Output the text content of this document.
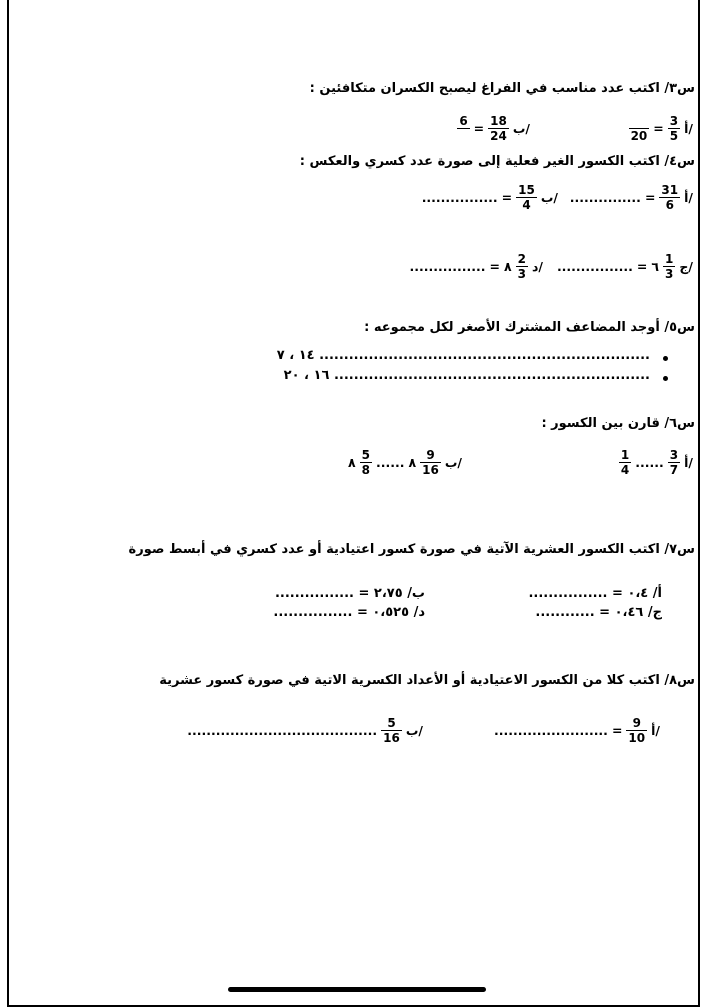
س٣/ اكتب عدد مناسب في الفراغ ليصبح الكسران متكافئين :
$20 = \frac{3}{5}$ أ/
6
= $\frac{18}{24}$ ب/
س٤/ اكتب الكسور الغير فعلية إلى صورة عدد كسري والعكس :
............... = $\frac{31}{6}$ أ/
................ = $\frac{15}{4}$ ب/
................ = ٦ $\frac{1}{3}$ ج/
................ = ٨ $\frac{2}{3}$ د/
س٥/ أوجد المضاعف المشترك الأصغر لكل مجموعه :
١٤ ، ٧ ...................................................................
١٦ ، ٢٠ ................................................................
س٦/ قارن بين الكسور :
$\frac{1}{4}$ ...... $\frac{3}{7}$ أ/
٨ $\frac{5}{8}$ ...... ٨ $\frac{9}{16}$ ب/
س٧/ اكتب الكسور العشرية الآتية في صورة كسور اعتيادية أو عدد كسري في أبسط صورة
أ/ ٠،٤ = ................
ب/ ٢،٧٥ = ................
ج/ ٠،٤٦ = ............
د/ ٠،٥٢٥ = ................
س٨/ اكتب كلا من الكسور الاعتيادية أو الأعداد الكسرية الاتية في صورة كسور عشرية
........................ = $\frac{9}{10}$ أ/
........................................ $\frac{5}{16}$ ب/
